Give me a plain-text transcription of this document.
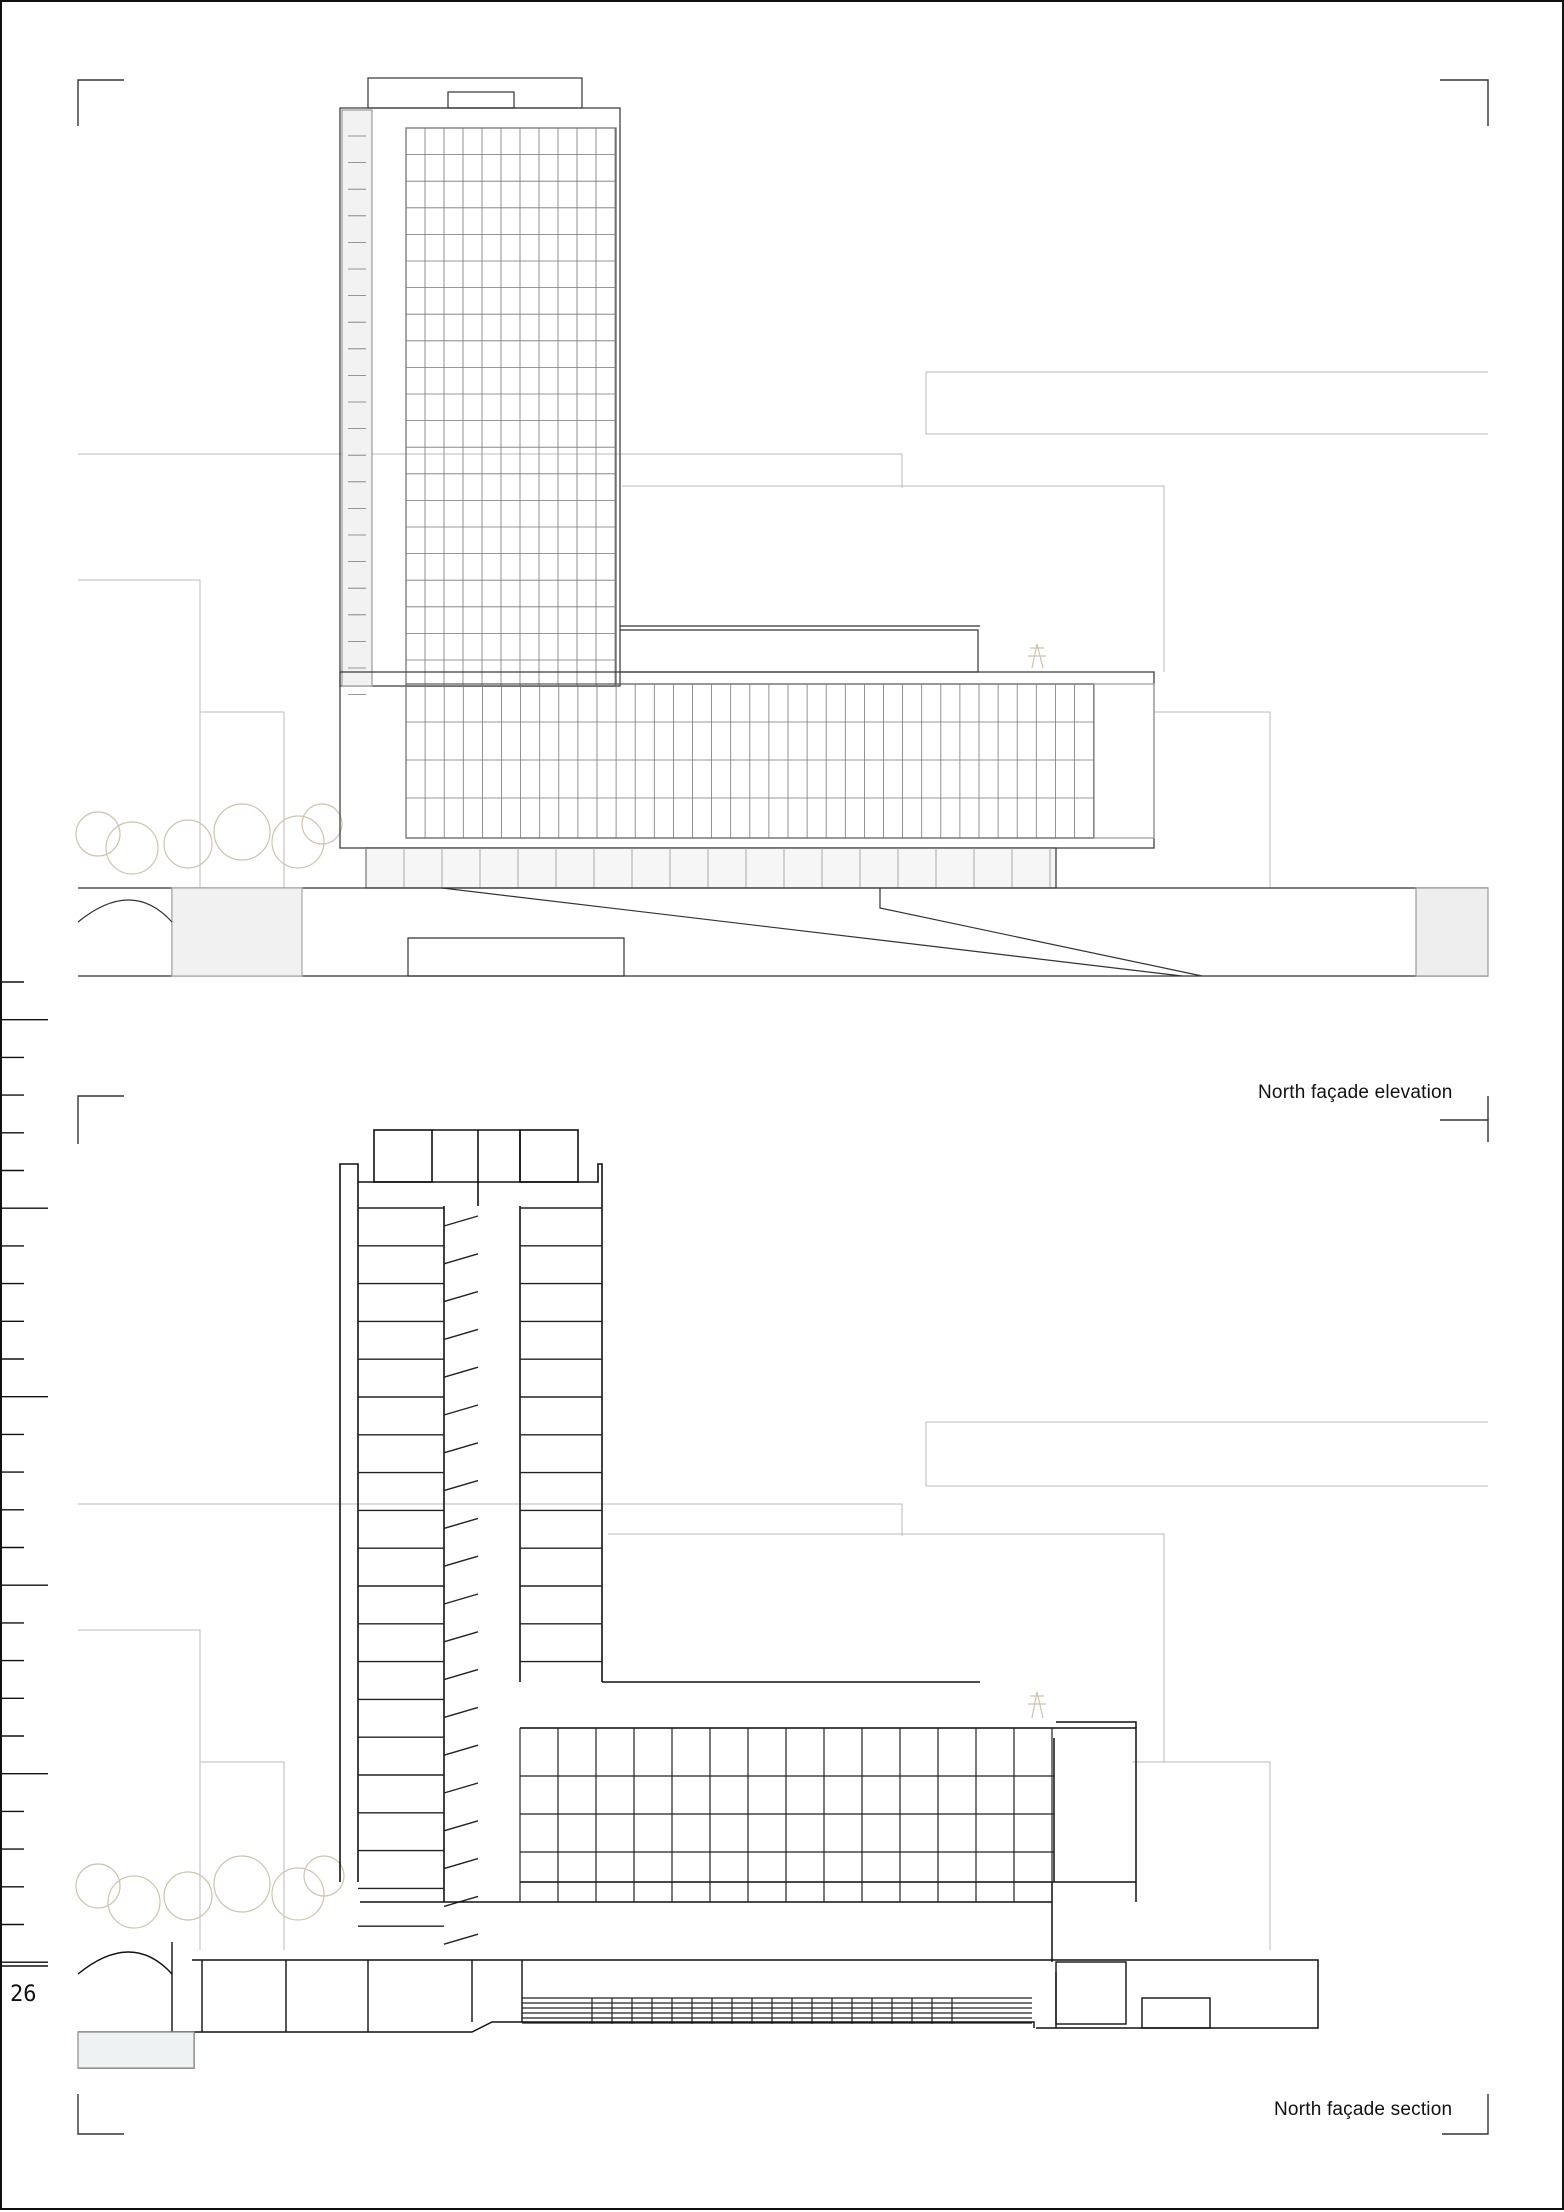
North façade elevation
North façade section
26
